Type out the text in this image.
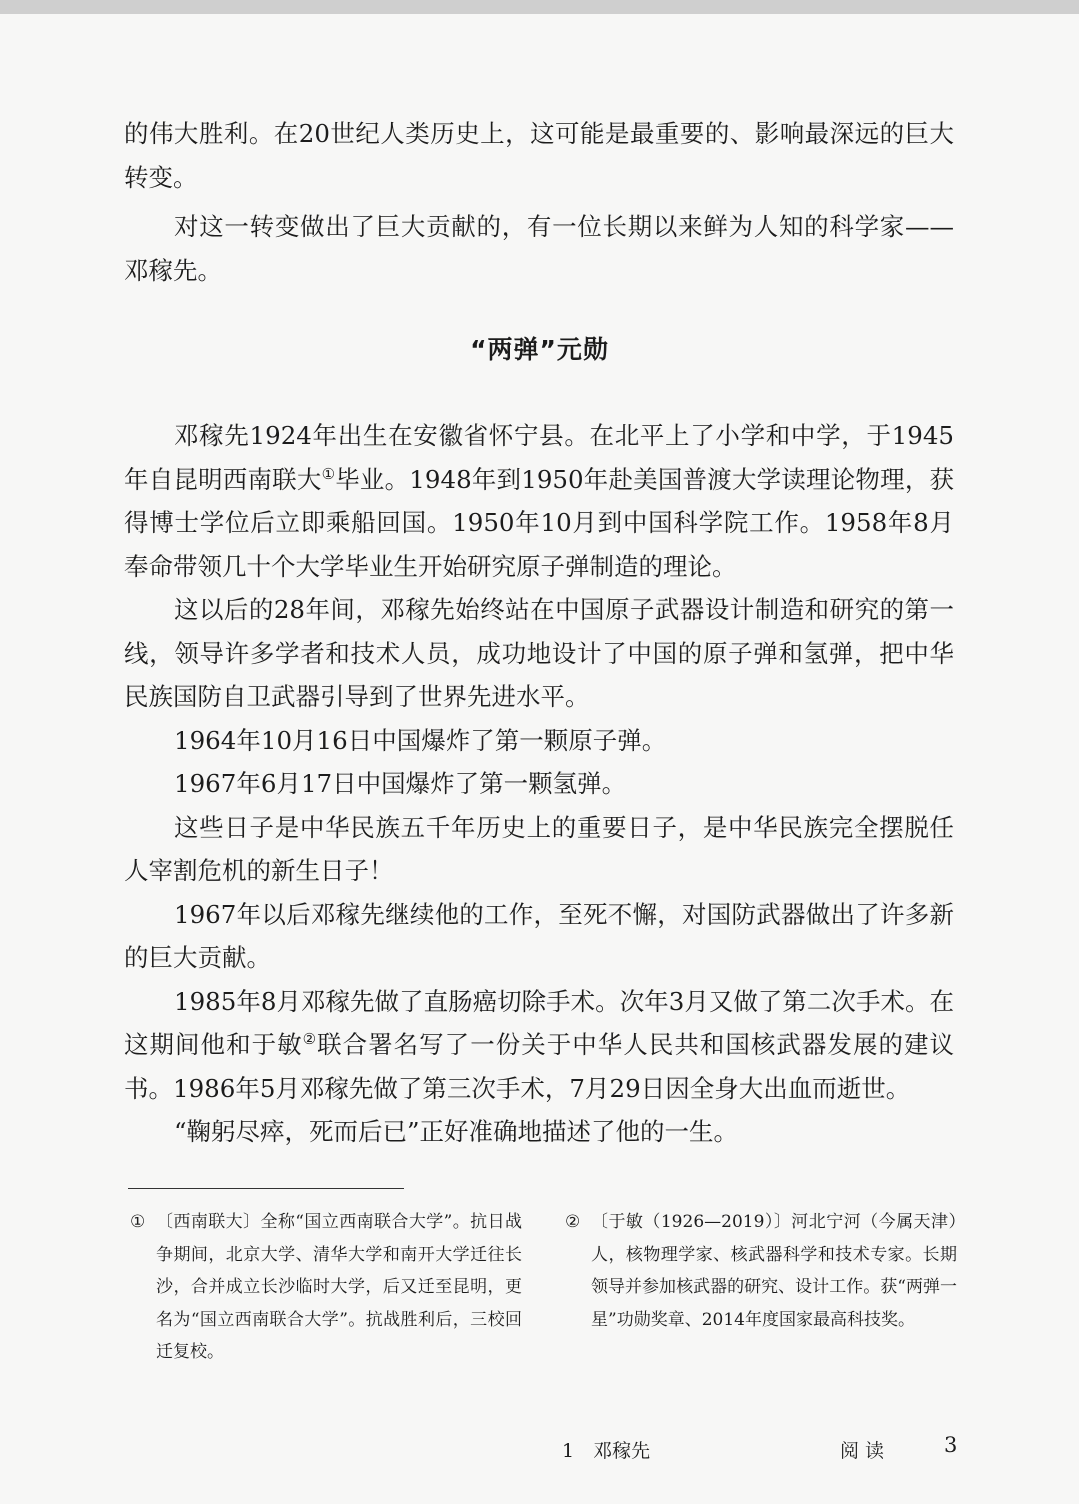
的伟大胜利。在20世纪人类历史上，这可能是最重要的、影响最深远的巨大转变。

对这一转变做出了巨大贡献的，有一位长期以来鲜为人知的科学家——邓稼先。

“两弹”元勋

邓稼先1924年出生在安徽省怀宁县。在北平上了小学和中学，于1945年自昆明西南联大①毕业。1948年到1950年赴美国普渡大学读理论物理，获得博士学位后立即乘船回国。1950年10月到中国科学院工作。1958年8月奉命带领几十个大学毕业生开始研究原子弹制造的理论。

这以后的28年间，邓稼先始终站在中国原子武器设计制造和研究的第一线，领导许多学者和技术人员，成功地设计了中国的原子弹和氢弹，把中华民族国防自卫武器引导到了世界先进水平。

1964年10月16日中国爆炸了第一颗原子弹。

1967年6月17日中国爆炸了第一颗氢弹。

这些日子是中华民族五千年历史上的重要日子，是中华民族完全摆脱任人宰割危机的新生日子！

1967年以后邓稼先继续他的工作，至死不懈，对国防武器做出了许多新的巨大贡献。

1985年8月邓稼先做了直肠癌切除手术。次年3月又做了第二次手术。在这期间他和于敏②联合署名写了一份关于中华人民共和国核武器发展的建议书。1986年5月邓稼先做了第三次手术，7月29日因全身大出血而逝世。

“鞠躬尽瘁，死而后已”正好准确地描述了他的一生。

① 〔西南联大〕全称“国立西南联合大学”。抗日战争期间，北京大学、清华大学和南开大学迁往长沙，合并成立长沙临时大学，后又迁至昆明，更名为“国立西南联合大学”。抗战胜利后，三校回迁复校。
② 〔于敏（1926—2019）〕河北宁河（今属天津）人，核物理学家、核武器科学和技术专家。长期领导并参加核武器的研究、设计工作。获“两弹一星”功勋奖章、2014年度国家最高科技奖。
1　邓稼先	阅读	3
